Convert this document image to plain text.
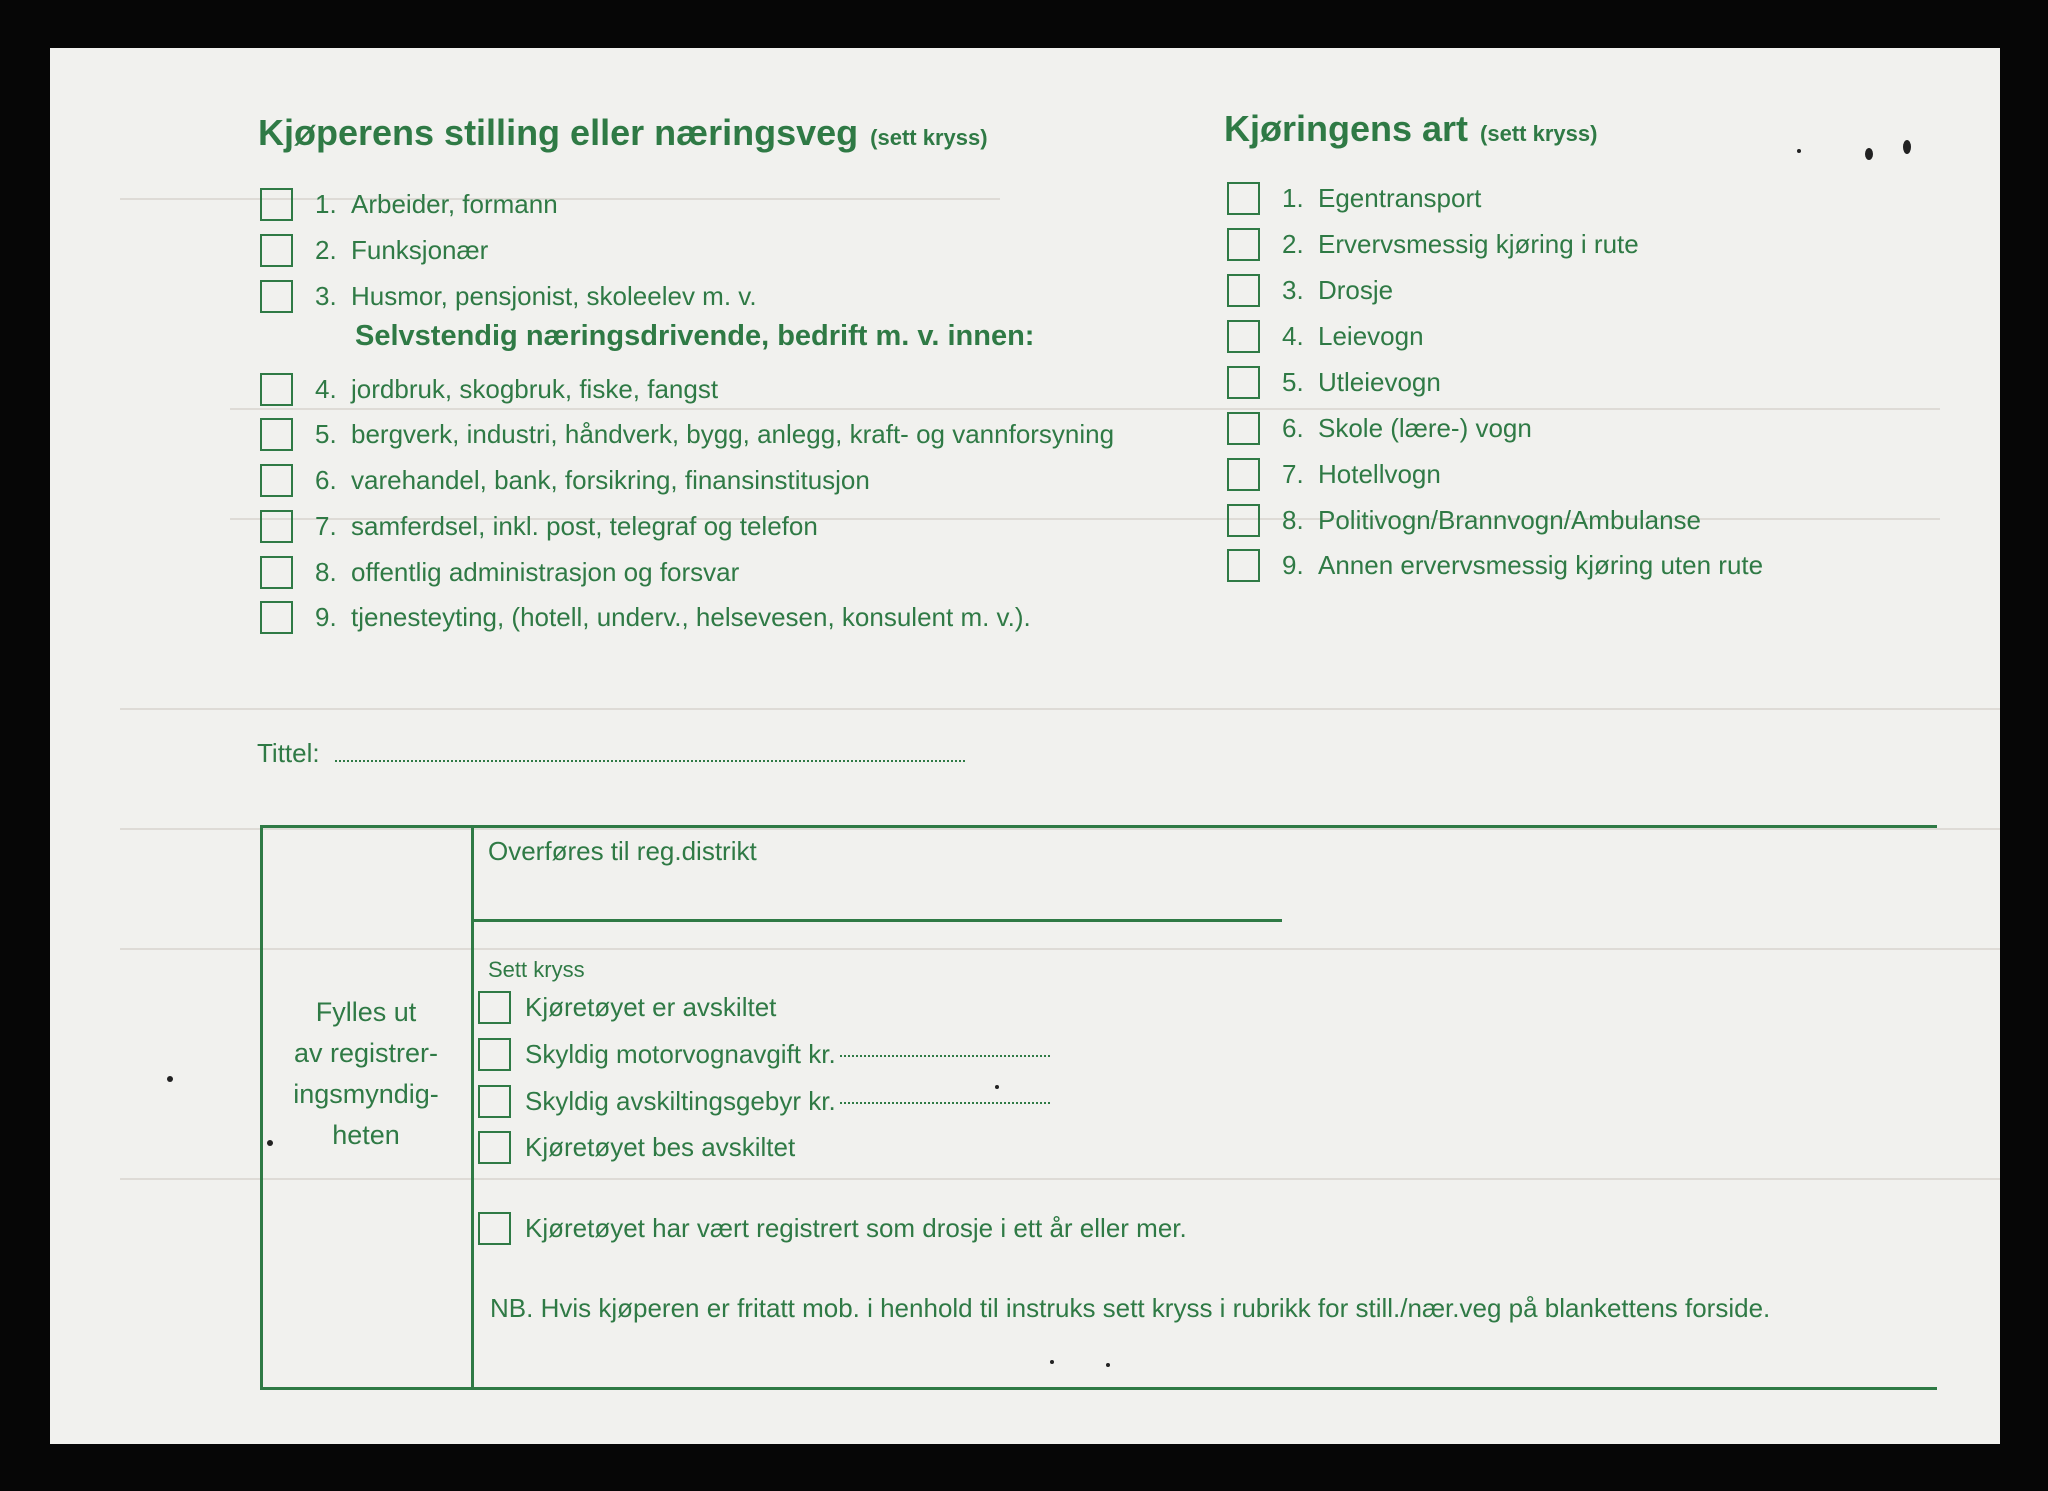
Kjøperens stilling eller næringsveg (sett kryss)
1. Arbeider, formann
2. Funksjonær
3. Husmor, pensjonist, skoleelev m. v.
Selvstendig næringsdrivende, bedrift m. v. innen:
4. jordbruk, skogbruk, fiske, fangst
5. bergverk, industri, håndverk, bygg, anlegg, kraft- og vannforsyning
6. varehandel, bank, forsikring, finansinstitusjon
7. samferdsel, inkl. post, telegraf og telefon
8. offentlig administrasjon og forsvar
9. tjenesteyting, (hotell, underv., helsevesen, konsulent m. v.).
Tittel:
Kjøringens art (sett kryss)
1. Egentransport
2. Ervervsmessig kjøring i rute
3. Drosje
4. Leievogn
5. Utleievogn
6. Skole (lære-) vogn
7. Hotellvogn
8. Politivogn/Brannvogn/Ambulanse
9. Annen ervervsmessig kjøring uten rute
Fylles ut
av registrer-
ingsmyndig-
heten
Overføres til reg.distrikt
Sett kryss
Kjøretøyet er avskiltet
Skyldig motorvognavgift kr.
Skyldig avskiltingsgebyr kr.
Kjøretøyet bes avskiltet
Kjøretøyet har vært registrert som drosje i ett år eller mer.
NB. Hvis kjøperen er fritatt mob. i henhold til instruks sett kryss i rubrikk for still./nær.veg på blankettens forside.
